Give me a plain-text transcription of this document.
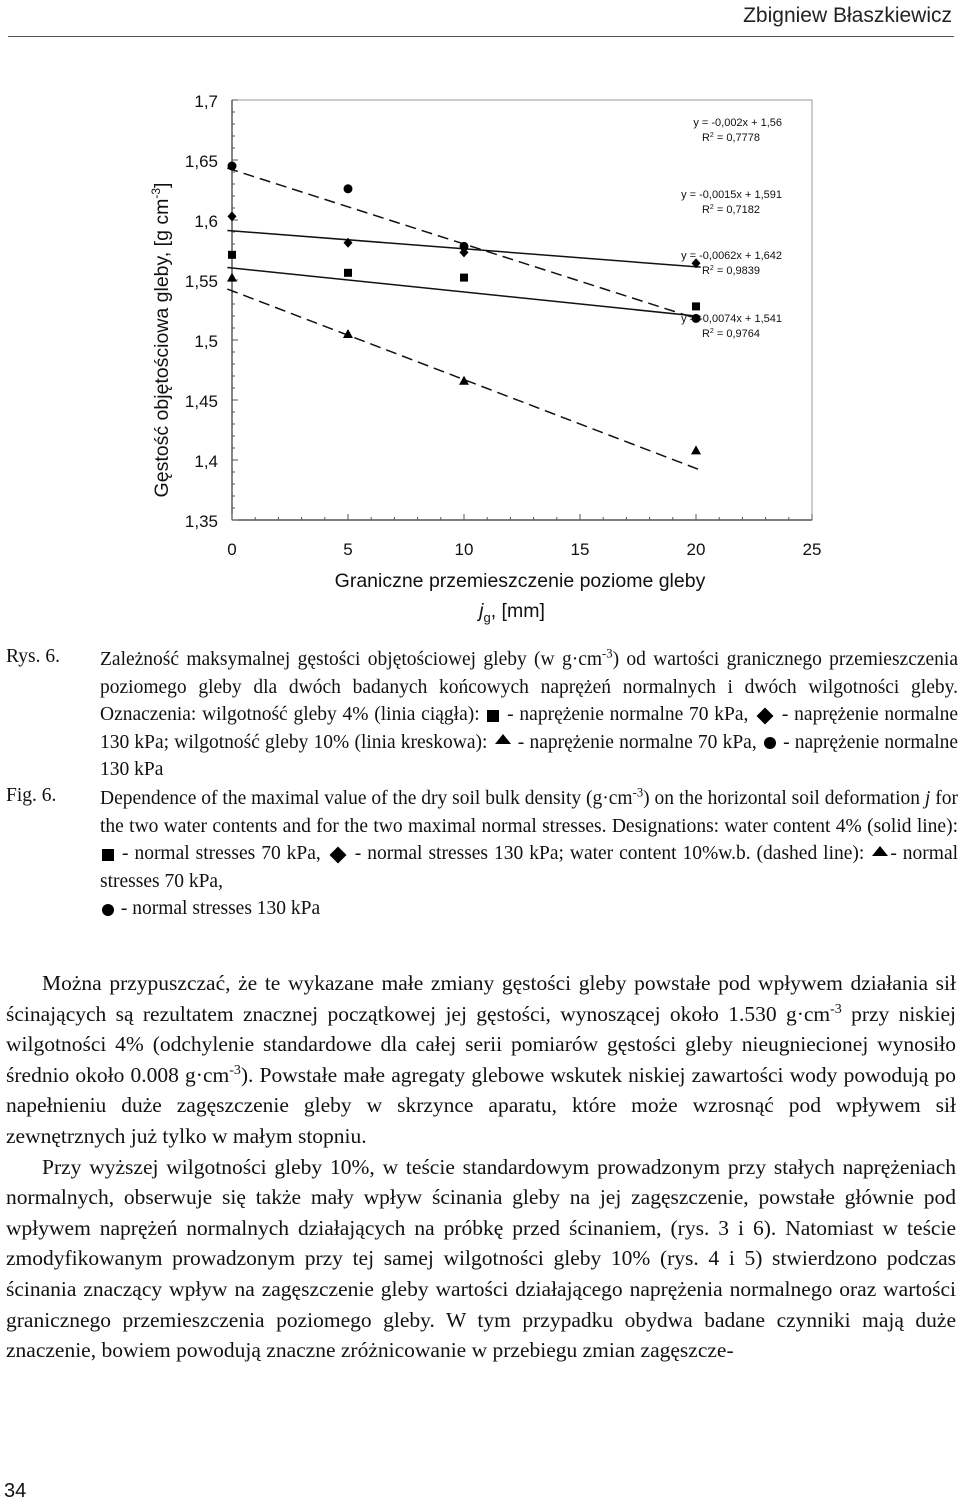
Zbigniew Błaszkiewicz
1,7
1,65
1,6
1,55
1,5
1,45
1,4
1,35
0	5	10	15	20	25
y = -0,002x + 1,56
$R^2 = 0,7778$
y = -0,0015x + 1,591
$R^2 = 0,7182$
y = -0,0062x + 1,642
$R^2 = 0,9839$
y = -0,0074x + 1,541
$R^2 = 0,9764$
Gęstość objętościowa gleby, [g $cm^{-3}$]
Graniczne przemieszczenie poziome gleby
$j_g$, [mm]
Rys. 6. Zależność maksymalnej gęstości objętościowej gleby (w $g\cdot cm^{-3}$) od wartości granicznego przemieszczenia poziomego gleby dla dwóch badanych końcowych naprężeń normalnych i dwóch wilgotności gleby. Oznaczenia: wilgotność gleby 4% (linia ciągła):  - naprężenie normalne 70 kPa,  - naprężenie normalne 130 kPa; wilgotność gleby 10% (linia kreskowa):  - naprężenie normalne 70 kPa,  - naprężenie normalne 130 kPa
Fig. 6. Dependence of the maximal value of the dry soil bulk density $(g\cdot cm^{-3})$ on the horizontal soil deformation j for the two water contents and for the two maximal normal stresses. Designations: water content 4% (solid line):  - normal stresses 70 kPa,  - normal stresses 130 kPa; water content 10%w.b. (dashed line): - normal stresses 70 kPa,
- normal stresses 130 kPa

Można przypuszczać, że te wykazane małe zmiany gęstości gleby powstałe pod wpływem działania sił ścinających są rezultatem znacznej początkowej jej gęstości, wynoszącej około 1.530 $g\cdot cm^{-3}$ przy niskiej wilgotności 4% (odchylenie standardowe dla całej serii pomiarów gęstości gleby nieugniecionej wynosiło średnio około 0.008 $g\cdot cm^{-3}$). Powstałe małe agregaty glebowe wskutek niskiej zawartości wody powodują po napełnieniu duże zagęszczenie gleby w skrzynce aparatu, które może wzrosnąć pod wpływem sił zewnętrznych już tylko w małym stopniu.

Przy wyższej wilgotności gleby 10%, w teście standardowym prowadzonym przy stałych naprężeniach normalnych, obserwuje się także mały wpływ ścinania gleby na jej zagęszczenie, powstałe głównie pod wpływem naprężeń normalnych działających na próbkę przed ścinaniem, (rys. 3 i 6). Natomiast w teście zmodyfikowanym prowadzonym przy tej samej wilgotności gleby 10% (rys. 4 i 5) stwierdzono podczas ścinania znaczący wpływ na zagęszczenie gleby wartości działającego naprężenia normalnego oraz wartości granicznego przemieszczenia poziomego gleby. W tym przypadku obydwa badane czynniki mają duże znaczenie, bowiem powodują znaczne zróżnicowanie w przebiegu zmian zagęszcze-

34
